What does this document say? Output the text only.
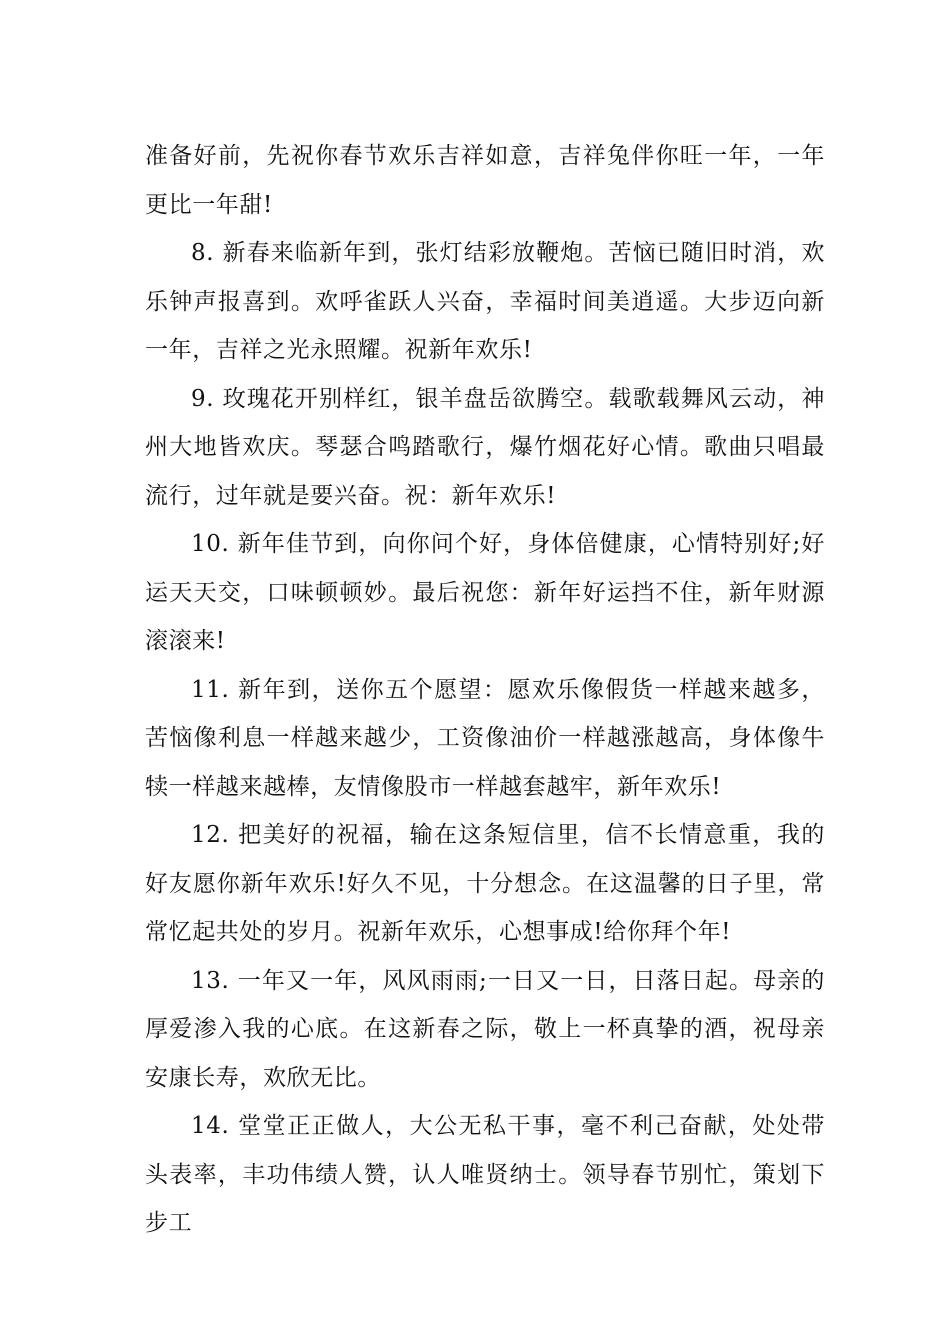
准备好前，先祝你春节欢乐吉祥如意，吉祥兔伴你旺一年，一年更比一年甜!

8. 新春来临新年到，张灯结彩放鞭炮。苦恼已随旧时消，欢乐钟声报喜到。欢呼雀跃人兴奋，幸福时间美逍遥。大步迈向新一年，吉祥之光永照耀。祝新年欢乐!

9. 玫瑰花开别样红，银羊盘岳欲腾空。载歌载舞风云动，神州大地皆欢庆。琴瑟合鸣踏歌行，爆竹烟花好心情。歌曲只唱最流行，过年就是要兴奋。祝：新年欢乐!

10. 新年佳节到，向你问个好，身体倍健康，心情特别好;好运天天交，口味顿顿妙。最后祝您：新年好运挡不住，新年财源滚滚来!

11. 新年到，送你五个愿望：愿欢乐像假货一样越来越多，苦恼像利息一样越来越少，工资像油价一样越涨越高，身体像牛犊一样越来越棒，友情像股市一样越套越牢，新年欢乐!

12. 把美好的祝福，输在这条短信里，信不长情意重，我的好友愿你新年欢乐!好久不见，十分想念。在这温馨的日子里，常常忆起共处的岁月。祝新年欢乐，心想事成!给你拜个年!

13. 一年又一年，风风雨雨;一日又一日，日落日起。母亲的厚爱渗入我的心底。在这新春之际，敬上一杯真挚的酒，祝母亲安康长寿，欢欣无比。

14. 堂堂正正做人，大公无私干事，毫不利己奋献，处处带头表率，丰功伟绩人赞，认人唯贤纳士。领导春节别忙，策划下步工
